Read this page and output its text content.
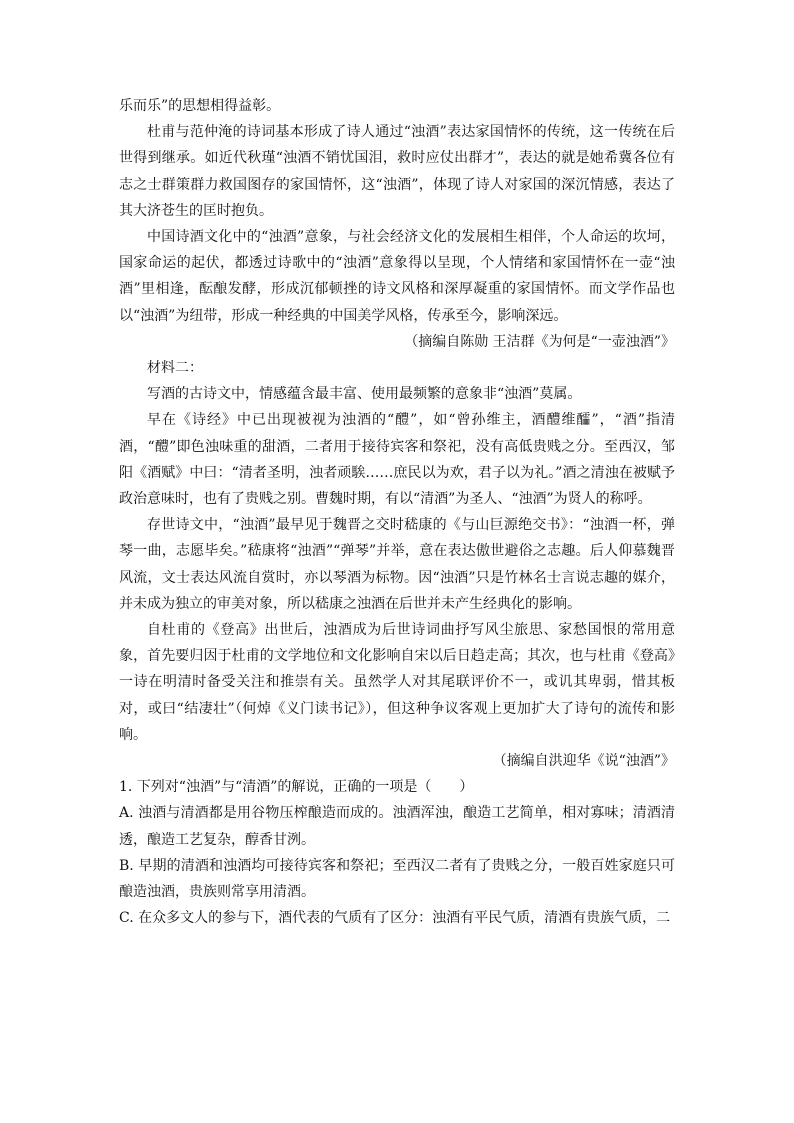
乐而乐”的思想相得益彰。

杜甫与范仲淹的诗词基本形成了诗人通过“浊酒”表达家国情怀的传统，这一传统在后世得到继承。如近代秋瑾“浊酒不销忧国泪，救时应仗出群才”，表达的就是她希冀各位有志之士群策群力救国图存的家国情怀，这“浊酒”，体现了诗人对家国的深沉情感，表达了其大济苍生的匡时抱负。

中国诗酒文化中的“浊酒”意象，与社会经济文化的发展相生相伴，个人命运的坎坷，国家命运的起伏，都透过诗歌中的“浊酒”意象得以呈现，个人情绪和家国情怀在一壶“浊酒”里相逢，酝酿发酵，形成沉郁顿挫的诗文风格和深厚凝重的家国情怀。而文学作品也以“浊酒”为纽带，形成一种经典的中国美学风格，传承至今，影响深远。

（摘编自陈勋 王洁群《为何是“一壶浊酒”》

材料二：

写酒的古诗文中，情感蕴含最丰富、使用最频繁的意象非“浊酒”莫属。

早在《诗经》中已出现被视为浊酒的“醴”，如“曾孙维主，酒醴维醽”，“酒”指清酒，“醴”即色浊味重的甜酒，二者用于接待宾客和祭祀，没有高低贵贱之分。至西汉，邹阳《酒赋》中曰：“清者圣明，浊者顽騃……庶民以为欢，君子以为礼。”酒之清浊在被赋予政治意味时，也有了贵贱之别。曹魏时期，有以“清酒”为圣人、“浊酒”为贤人的称呼。

存世诗文中，“浊酒”最早见于魏晋之交时嵇康的《与山巨源绝交书》：“浊酒一杯，弹琴一曲，志愿毕矣。”嵇康将“浊酒”“弹琴”并举，意在表达傲世避俗之志趣。后人仰慕魏晋风流，文士表达风流自赏时，亦以琴酒为标物。因“浊酒”只是竹林名士言说志趣的媒介，并未成为独立的审美对象，所以嵇康之浊酒在后世并未产生经典化的影响。

自杜甫的《登高》出世后，浊酒成为后世诗词曲抒写风尘旅思、家愁国恨的常用意象，首先要归因于杜甫的文学地位和文化影响自宋以后日趋走高；其次，也与杜甫《登高》一诗在明清时备受关注和推崇有关。虽然学人对其尾联评价不一，或讥其卑弱，惜其板对，或曰“结凄壮”（何焯《义门读书记》），但这种争议客观上更加扩大了诗句的流传和影响。

（摘编自洪迎华《说“浊酒”》

1. 下列对“浊酒”与“清酒”的解说，正确的一项是（　　）

A. 浊酒与清酒都是用谷物压榨酿造而成的。浊酒浑浊，酿造工艺简单，相对寡味；清酒清透，酿造工艺复杂，醇香甘洌。

B. 早期的清酒和浊酒均可接待宾客和祭祀；至西汉二者有了贵贱之分，一般百姓家庭只可酿造浊酒，贵族则常享用清酒。

C. 在众多文人的参与下，酒代表的气质有了区分：浊酒有平民气质，清酒有贵族气质，二
